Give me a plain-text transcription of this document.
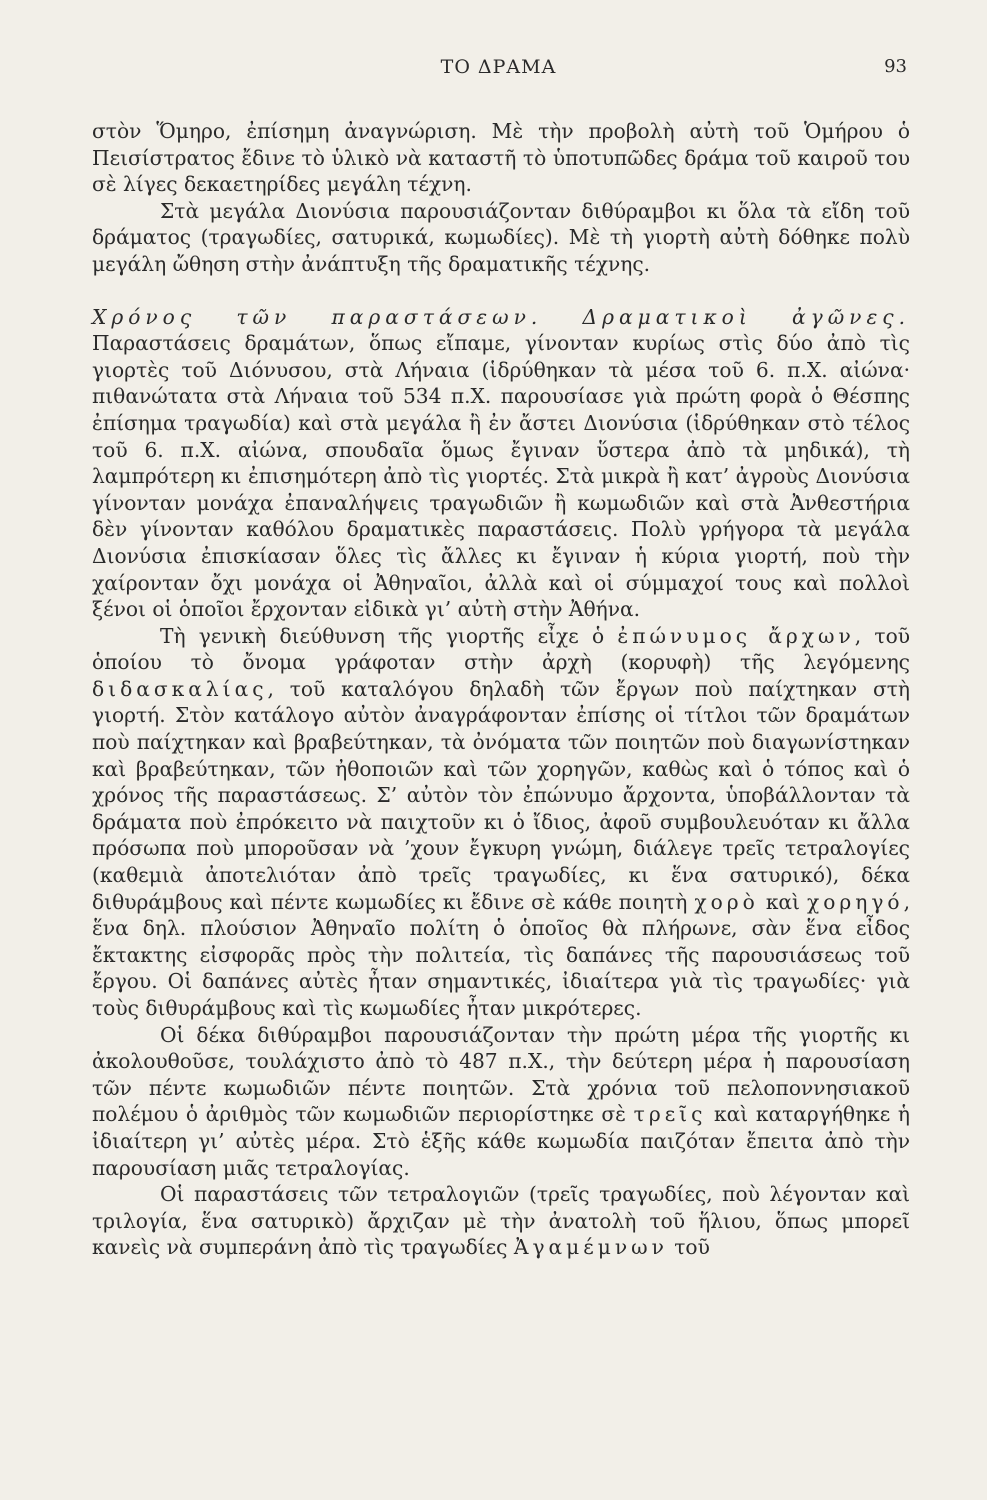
ΤΟ ΔΡΑΜΑ	93

στὸν Ὅμηρο, ἐπίσημη ἀναγνώριση. Μὲ τὴν προβολὴ αὐτὴ τοῦ Ὁμήρου ὁ Πεισίστρατος ἔδινε τὸ ὑλικὸ νὰ καταστῆ τὸ ὑποτυπῶδες δράμα τοῦ καιροῦ του σὲ λίγες δεκαετηρίδες μεγάλη τέχνη.

Στὰ μεγάλα Διονύσια παρουσιάζονταν διθύραμβοι κι ὅλα τὰ εἴδη τοῦ δράματος (τραγωδίες, σατυρικά, κωμωδίες). Μὲ τὴ γιορτὴ αὐτὴ δόθηκε πολὺ μεγάλη ὤθηση στὴν ἀνάπτυξη τῆς δραματικῆς τέχνης.

Χρόνος τῶν παραστάσεων. Δραματικοὶ ἀγῶνες. Παραστάσεις δραμάτων, ὅπως εἴπαμε, γίνονταν κυρίως στὶς δύο ἀπὸ τὶς γιορτὲς τοῦ Διόνυσου, στὰ Λήναια (ἱδρύθηκαν τὰ μέσα τοῦ 6. π.Χ. αἰώνα· πιθανώτατα στὰ Λήναια τοῦ 534 π.Χ. παρουσίασε γιὰ πρώτη φορὰ ὁ Θέσπης ἐπίσημα τραγωδία) καὶ στὰ μεγάλα ἢ ἐν ἄστει Διονύσια (ἱδρύθηκαν στὸ τέλος τοῦ 6. π.Χ. αἰώνα, σπουδαῖα ὅμως ἔγιναν ὕστερα ἀπὸ τὰ μηδικά), τὴ λαμπρότερη κι ἐπισημότερη ἀπὸ τὶς γιορτές. Στὰ μικρὰ ἢ κατ’ ἀγροὺς Διονύσια γίνονταν μονάχα ἐπαναλήψεις τραγωδιῶν ἢ κωμωδιῶν καὶ στὰ Ἀνθεστήρια δὲν γίνονταν καθόλου δραματικὲς παραστάσεις. Πολὺ γρήγορα τὰ μεγάλα Διονύσια ἐπισκίασαν ὅλες τὶς ἄλλες κι ἔγιναν ἡ κύρια γιορτή, ποὺ τὴν χαίρονταν ὄχι μονάχα οἱ Ἀθηναῖοι, ἀλλὰ καὶ οἱ σύμμαχοί τους καὶ πολλοὶ ξένοι οἱ ὁποῖοι ἔρχονταν εἰδικὰ γι’ αὐτὴ στὴν Ἀθήνα.

Τὴ γενικὴ διεύθυνση τῆς γιορτῆς εἶχε ὁ ἐπώνυμος ἄρχων, τοῦ ὁποίου τὸ ὄνομα γράφοταν στὴν ἀρχὴ (κορυφὴ) τῆς λεγόμενης διδασκαλίας, τοῦ καταλόγου δηλαδὴ τῶν ἔργων ποὺ παίχτηκαν στὴ γιορτή. Στὸν κατάλογο αὐτὸν ἀναγράφονταν ἐπίσης οἱ τίτλοι τῶν δραμάτων ποὺ παίχτηκαν καὶ βραβεύτηκαν, τὰ ὀνόματα τῶν ποιητῶν ποὺ διαγωνίστηκαν καὶ βραβεύτηκαν, τῶν ἠθοποιῶν καὶ τῶν χορηγῶν, καθὼς καὶ ὁ τόπος καὶ ὁ χρόνος τῆς παραστάσεως. Σ’ αὐτὸν τὸν ἐπώνυμο ἄρχοντα, ὑποβάλλονταν τὰ δράματα ποὺ ἐπρόκειτο νὰ παιχτοῦν κι ὁ ἴδιος, ἀφοῦ συμβουλευόταν κι ἄλλα πρόσωπα ποὺ μποροῦσαν νὰ ’χουν ἔγκυρη γνώμη, διάλεγε τρεῖς τετραλογίες (καθεμιὰ ἀποτελιόταν ἀπὸ τρεῖς τραγωδίες, κι ἕνα σατυρικό), δέκα διθυράμβους καὶ πέντε κωμωδίες κι ἔδινε σὲ κάθε ποιητὴ χορὸ καὶ χορηγό, ἕνα δηλ. πλούσιον Ἀθηναῖο πολίτη ὁ ὁποῖος θὰ πλήρωνε, σὰν ἕνα εἶδος ἔκτακτης εἰσφορᾶς πρὸς τὴν πολιτεία, τὶς δαπάνες τῆς παρουσιάσεως τοῦ ἔργου. Οἱ δαπάνες αὐτὲς ἦταν σημαντικές, ἰδιαίτερα γιὰ τὶς τραγωδίες· γιὰ τοὺς διθυράμβους καὶ τὶς κωμωδίες ἦταν μικρότερες.

Οἱ δέκα διθύραμβοι παρουσιάζονταν τὴν πρώτη μέρα τῆς γιορτῆς κι ἀκολουθοῦσε, τουλάχιστο ἀπὸ τὸ 487 π.Χ., τὴν δεύτερη μέρα ἡ παρουσίαση τῶν πέντε κωμωδιῶν πέντε ποιητῶν. Στὰ χρόνια τοῦ πελοποννησιακοῦ πολέμου ὁ ἀριθμὸς τῶν κωμωδιῶν περιορίστηκε σὲ τρεῖς καὶ καταργήθηκε ἡ ἰδιαίτερη γι’ αὐτὲς μέρα. Στὸ ἑξῆς κάθε κωμωδία παιζόταν ἔπειτα ἀπὸ τὴν παρουσίαση μιᾶς τετραλογίας.

Οἱ παραστάσεις τῶν τετραλογιῶν (τρεῖς τραγωδίες, ποὺ λέγονταν καὶ τριλογία, ἕνα σατυρικὸ) ἄρχιζαν μὲ τὴν ἀνατολὴ τοῦ ἥλιου, ὅπως μπορεῖ κανεὶς νὰ συμπεράνη ἀπὸ τὶς τραγωδίες Ἀγαμέμνων τοῦ
